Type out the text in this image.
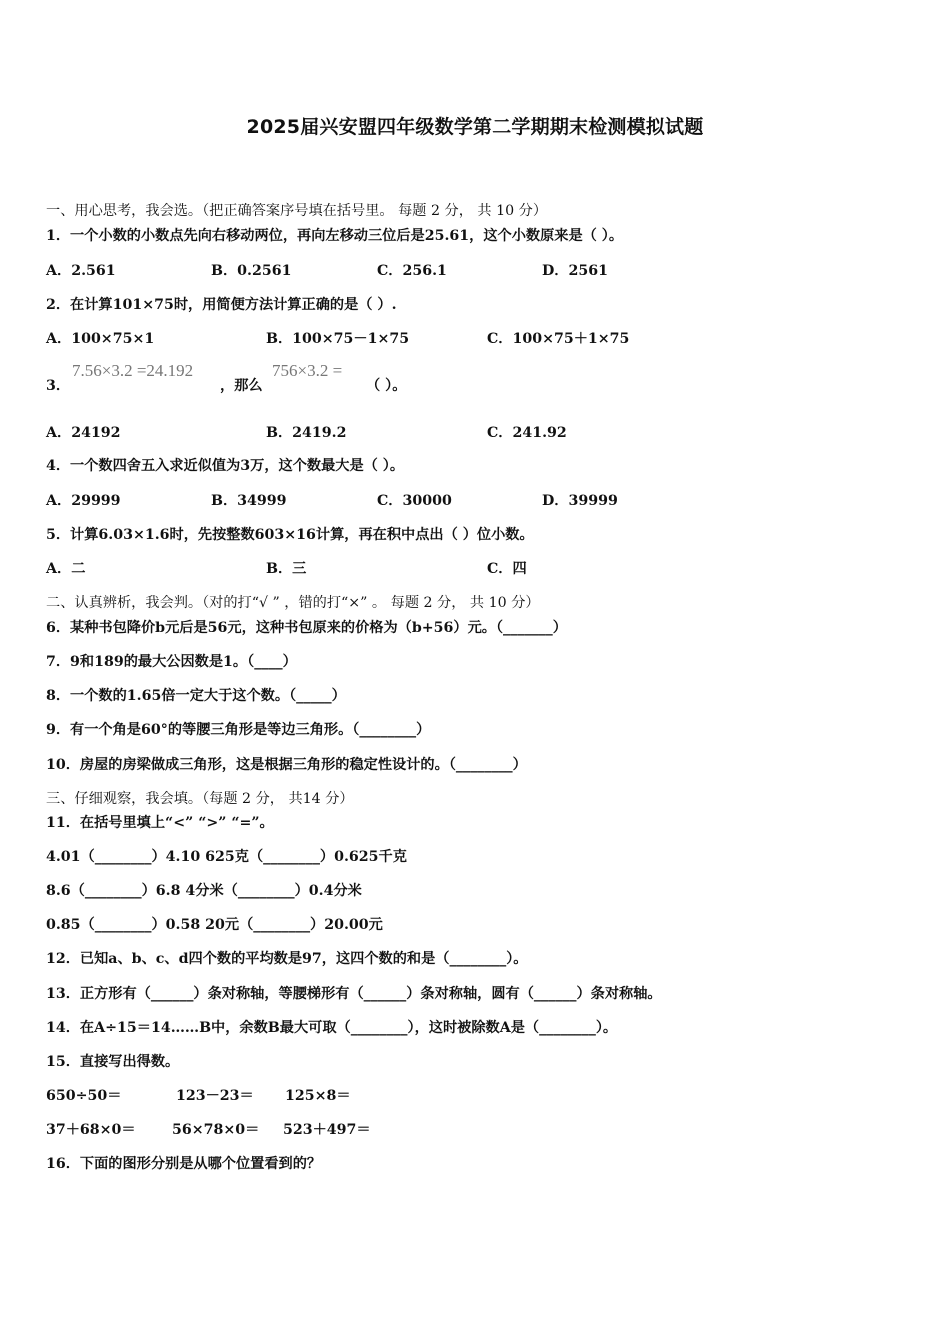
2025届兴安盟四年级数学第二学期期末检测模拟试题
一、用心思考，我会选。（把正确答案序号填在括号里。 每题 2 分， 共 10 分）
1．一个小数的小数点先向右移动两位，再向左移动三位后是25.61，这个小数原来是（ ）。
A．2.561	B．0.2561	C．256.1	D．2561
2．在计算101×75时，用简便方法计算正确的是（ ）.
A．100×75×1	B．100×75－1×75	C．100×75＋1×75
3．
7.56×3.2 =24.192
，那么
756×3.2 =
（ ）。
A．24192	B．2419.2	C．241.92
4．一个数四舍五入求近似值为3万，这个数最大是（ ）。
A．29999	B．34999	C．30000	D．39999
5．计算6.03×1.6时，先按整数603×16计算，再在积中点出（ ）位小数。
A．二	B．三	C．四
二、认真辨析，我会判。（对的打“√ ” ，错的打“×” 。 每题 2 分， 共 10 分）
6．某种书包降价b元后是56元，这种书包原来的价格为（b+56）元。（_______）
7．9和189的最大公因数是1。（____）
8．一个数的1.65倍一定大于这个数。（_____）
9．有一个角是60°的等腰三角形是等边三角形。（________）
10．房屋的房梁做成三角形，这是根据三角形的稳定性设计的。（________）
三、仔细观察，我会填。（每题 2 分， 共14 分）
11．在括号里填上“<” “>” “=”。
4.01（________）4.10 625克（________）0.625千克
8.6（________）6.8 4分米（________）0.4分米
0.85（________）0.58 20元（________）20.00元
12．已知a、b、c、d四个数的平均数是97，这四个数的和是（________）。
13．正方形有（______）条对称轴，等腰梯形有（______）条对称轴，圆有（______）条对称轴。
14．在A÷15＝14……B中，余数B最大可取（________），这时被除数A是（________）。
15．直接写出得数。
650÷50＝	123－23＝ 125×8＝
37＋68×0＝	56×78×0＝ 523＋497＝
16．下面的图形分别是从哪个位置看到的？
